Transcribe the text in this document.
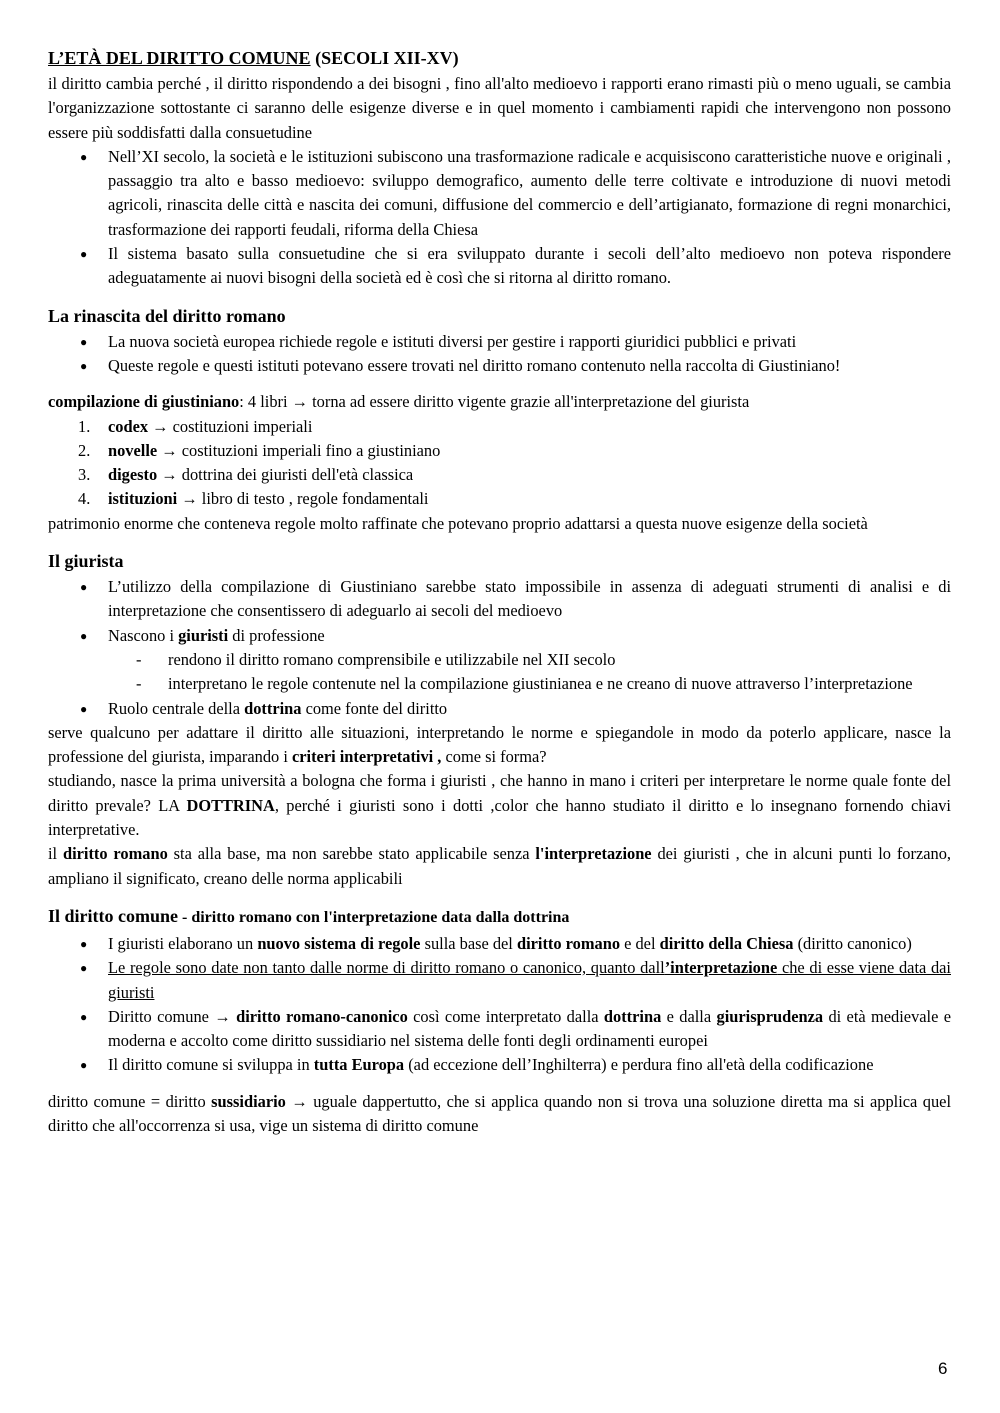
L’ETÀ DEL DIRITTO COMUNE (SECOLI XII-XV)

il diritto cambia perché , il diritto rispondendo a dei bisogni , fino all'alto medioevo i rapporti erano rimasti più o meno uguali, se cambia l'organizzazione sottostante ci saranno delle esigenze diverse e in quel momento i cambiamenti rapidi che intervengono non possono essere più soddisfatti dalla consuetudine

● Nell’XI secolo, la società e le istituzioni subiscono una trasformazione radicale e acquisiscono caratteristiche nuove e originali , passaggio tra alto e basso medioevo: sviluppo demografico, aumento delle terre coltivate e introduzione di nuovi metodi agricoli, rinascita delle città e nascita dei comuni, diffusione del commercio e dell’artigianato, formazione di regni monarchici, trasformazione dei rapporti feudali, riforma della Chiesa
● Il sistema basato sulla consuetudine che si era sviluppato durante i secoli dell’alto medioevo non poteva rispondere adeguatamente ai nuovi bisogni della società ed è così che si ritorna al diritto romano.
La rinascita del diritto romano
● La nuova società europea richiede regole e istituti diversi per gestire i rapporti giuridici pubblici e privati
● Queste regole e questi istituti potevano essere trovati nel diritto romano contenuto nella raccolta di Giustiniano!

compilazione di giustiniano: 4 libri → torna ad essere diritto vigente grazie all'interpretazione del giurista

1. codex → costituzioni imperiali
2. novelle → costituzioni imperiali fino a giustiniano
3. digesto → dottrina dei giuristi dell'età classica
4. istituzioni → libro di testo , regole fondamentali

patrimonio enorme che conteneva regole molto raffinate che potevano proprio adattarsi a questa nuove esigenze della società

Il giurista
● L’utilizzo della compilazione di Giustiniano sarebbe stato impossibile in assenza di adeguati strumenti di analisi e di interpretazione che consentissero di adeguarlo ai secoli del medioevo
● Nascono i giuristi di professione
- rendono il diritto romano comprensibile e utilizzabile nel XII secolo
- interpretano le regole contenute nel la compilazione giustinianea e ne creano di nuove attraverso l’interpretazione
● Ruolo centrale della dottrina come fonte del diritto

serve qualcuno per adattare il diritto alle situazioni, interpretando le norme e spiegandole in modo da poterlo applicare, nasce la professione del giurista, imparando i criteri interpretativi , come si forma?

studiando, nasce la prima università a bologna che forma i giuristi , che hanno in mano i criteri per interpretare le norme quale fonte del diritto prevale? LA DOTTRINA, perché i giuristi sono i dotti ,color che hanno studiato il diritto e lo insegnano fornendo chiavi interpretative.

il diritto romano sta alla base, ma non sarebbe stato applicabile senza l'interpretazione dei giuristi , che in alcuni punti lo forzano, ampliano il significato, creano delle norma applicabili

Il diritto comune - diritto romano con l'interpretazione data dalla dottrina
● I giuristi elaborano un nuovo sistema di regole sulla base del diritto romano e del diritto della Chiesa (diritto canonico)
● Le regole sono date non tanto dalle norme di diritto romano o canonico, quanto dall’interpretazione che di esse viene data dai giuristi
● Diritto comune → diritto romano-canonico così come interpretato dalla dottrina e dalla giurisprudenza di età medievale e moderna e accolto come diritto sussidiario nel sistema delle fonti degli ordinamenti europei
● Il diritto comune si sviluppa in tutta Europa (ad eccezione dell’Inghilterra) e perdura fino all'età della codificazione

diritto comune = diritto sussidiario → uguale dappertutto, che si applica quando non si trova una soluzione diretta ma si applica quel diritto che all'occorrenza si usa, vige un sistema di diritto comune

6
